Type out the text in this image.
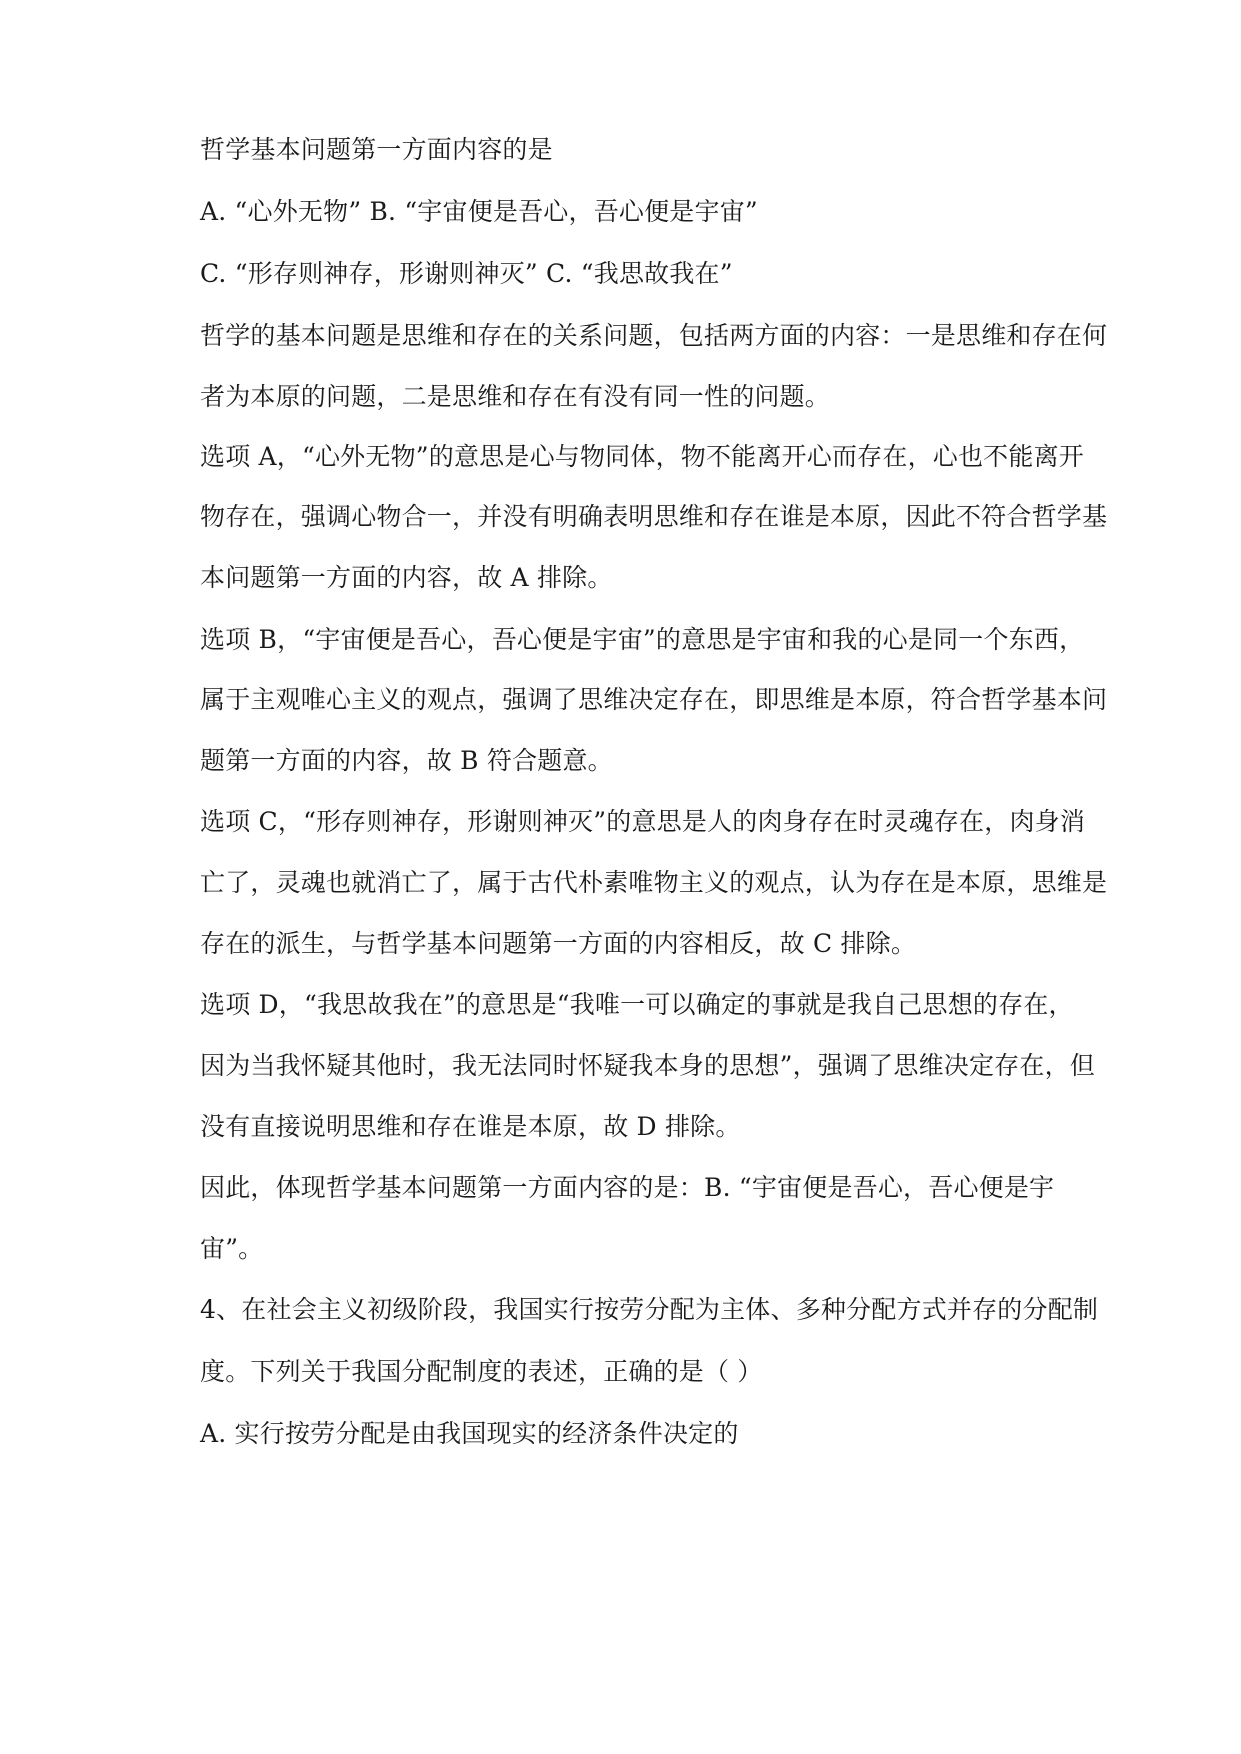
哲学基本问题第一方面内容的是
A. “心外无物” B. “宇宙便是吾心，吾心便是宇宙”
C. “形存则神存，形谢则神灭” C. “我思故我在”
哲学的基本问题是思维和存在的关系问题，包括两方面的内容：一是思维和存在何
者为本原的问题，二是思维和存在有没有同一性的问题。
选项 A，“心外无物”的意思是心与物同体，物不能离开心而存在，心也不能离开
物存在，强调心物合一，并没有明确表明思维和存在谁是本原，因此不符合哲学基
本问题第一方面的内容，故 A 排除。
选项 B，“宇宙便是吾心，吾心便是宇宙”的意思是宇宙和我的心是同一个东西，
属于主观唯心主义的观点，强调了思维决定存在，即思维是本原，符合哲学基本问
题第一方面的内容，故 B 符合题意。
选项 C，“形存则神存，形谢则神灭”的意思是人的肉身存在时灵魂存在，肉身消
亡了，灵魂也就消亡了，属于古代朴素唯物主义的观点，认为存在是本原，思维是
存在的派生，与哲学基本问题第一方面的内容相反，故 C 排除。
选项 D，“我思故我在”的意思是“我唯一可以确定的事就是我自己思想的存在，
因为当我怀疑其他时，我无法同时怀疑我本身的思想”，强调了思维决定存在，但
没有直接说明思维和存在谁是本原，故 D 排除。
因此，体现哲学基本问题第一方面内容的是：B. “宇宙便是吾心，吾心便是宇
宙”。
4、在社会主义初级阶段，我国实行按劳分配为主体、多种分配方式并存的分配制
度。下列关于我国分配制度的表述，正确的是（ ）
A. 实行按劳分配是由我国现实的经济条件决定的
